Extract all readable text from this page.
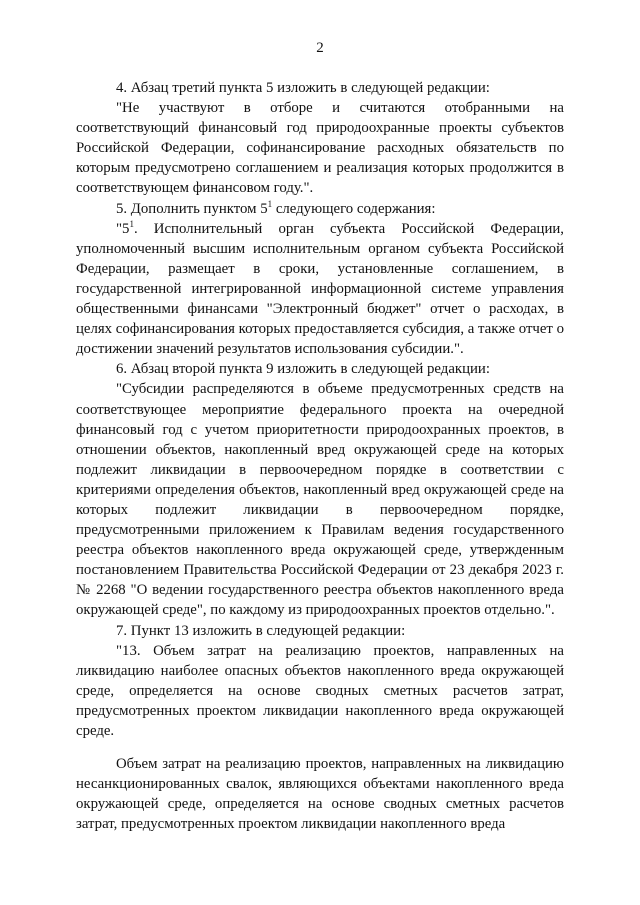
2

4. Абзац третий пункта 5 изложить в следующей редакции:

"Не участвуют в отборе и считаются отобранными на соответствующий финансовый год природоохранные проекты субъектов Российской Федерации, софинансирование расходных обязательств по которым предусмотрено соглашением и реализация которых продолжится в соответствующем финансовом году.".

5. Дополнить пунктом $5^1$ следующего содержания:

"$5^1$. Исполнительный орган субъекта Российской Федерации, уполномоченный высшим исполнительным органом субъекта Российской Федерации, размещает в сроки, установленные соглашением, в государственной интегрированной информационной системе управления общественными финансами "Электронный бюджет" отчет о расходах, в целях софинансирования которых предоставляется субсидия, а также отчет о достижении значений результатов использования субсидии.".

6. Абзац второй пункта 9 изложить в следующей редакции:

"Субсидии распределяются в объеме предусмотренных средств на соответствующее мероприятие федерального проекта на очередной финансовый год с учетом приоритетности природоохранных проектов, в отношении объектов, накопленный вред окружающей среде на которых подлежит ликвидации в первоочередном порядке в соответствии с критериями определения объектов, накопленный вред окружающей среде на которых подлежит ликвидации в первоочередном порядке, предусмотренными приложением к Правилам ведения государственного реестра объектов накопленного вреда окружающей среде, утвержденным постановлением Правительства Российской Федерации от 23 декабря 2023 г. № 2268 "О ведении государственного реестра объектов накопленного вреда окружающей среде", по каждому из природоохранных проектов отдельно.".

7. Пункт 13 изложить в следующей редакции:

"13. Объем затрат на реализацию проектов, направленных на ликвидацию наиболее опасных объектов накопленного вреда окружающей среде, определяется на основе сводных сметных расчетов затрат, предусмотренных проектом ликвидации накопленного вреда окружающей среде.

Объем затрат на реализацию проектов, направленных на ликвидацию несанкционированных свалок, являющихся объектами накопленного вреда окружающей среде, определяется на основе сводных сметных расчетов затрат, предусмотренных проектом ликвидации накопленного вреда
